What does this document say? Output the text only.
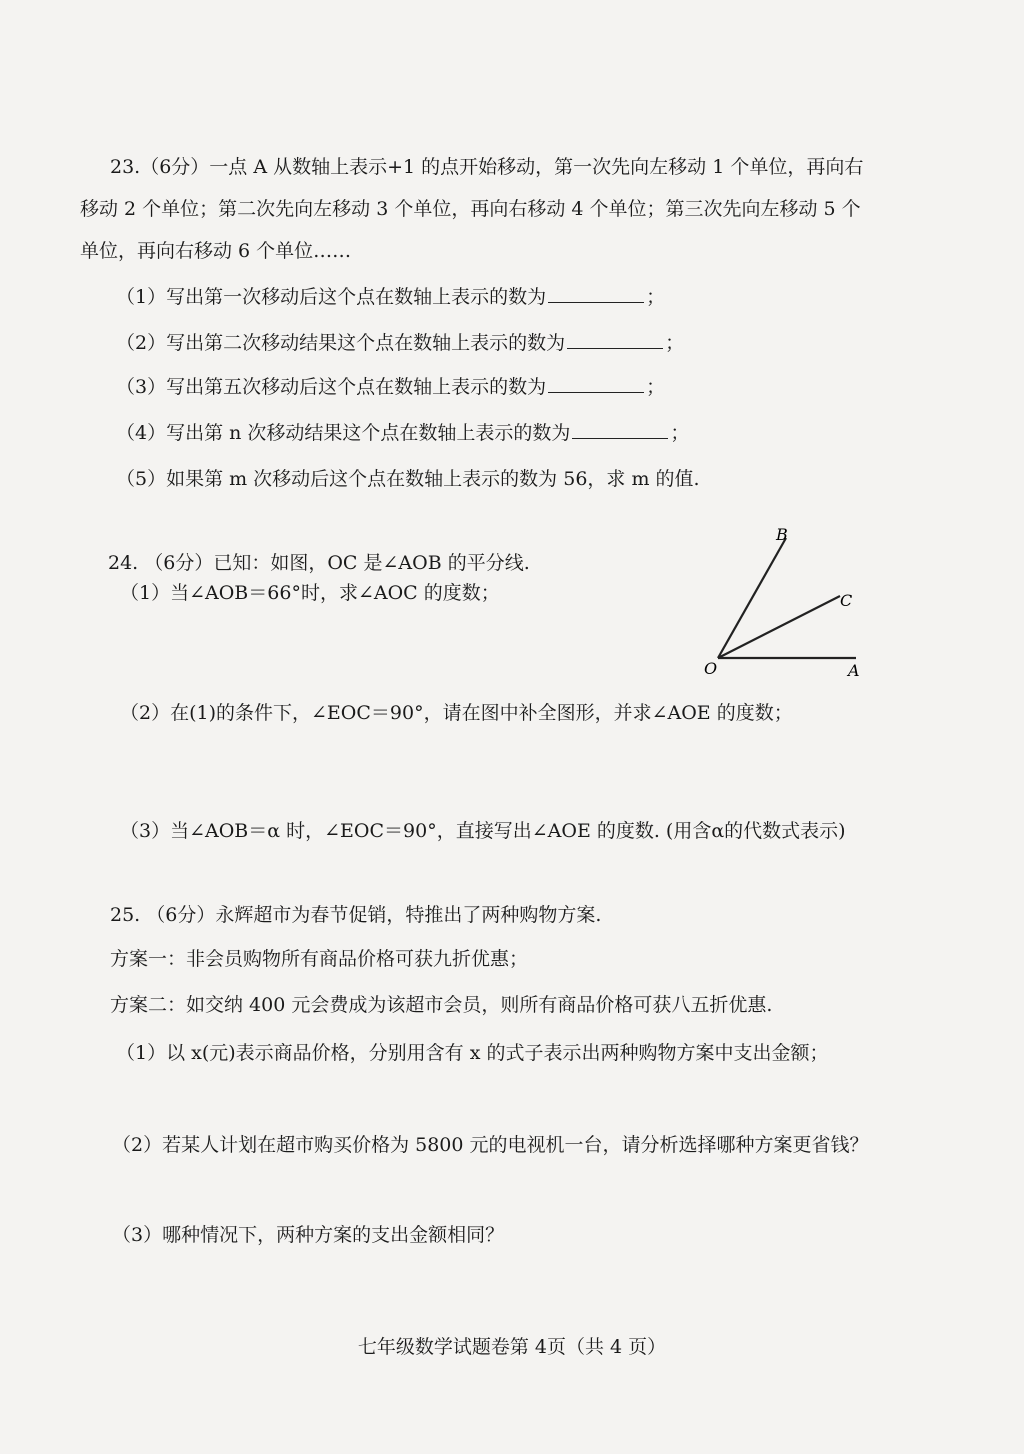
23.（6分）一点 A 从数轴上表示+1 的点开始移动，第一次先向左移动 1 个单位，再向右
移动 2 个单位；第二次先向左移动 3 个单位，再向右移动 4 个单位；第三次先向左移动 5 个
单位，再向右移动 6 个单位……
（1）写出第一次移动后这个点在数轴上表示的数为	；
（2）写出第二次移动结果这个点在数轴上表示的数为	；
（3）写出第五次移动后这个点在数轴上表示的数为	；
（4）写出第 n 次移动结果这个点在数轴上表示的数为	；
（5）如果第 m 次移动后这个点在数轴上表示的数为 56，求 m 的值.
24. （6分）已知：如图，OC 是∠AOB 的平分线.
（1）当∠AOB＝66°时，求∠AOC 的度数；
B
C
O	A
（2）在(1)的条件下，∠EOC＝90°，请在图中补全图形，并求∠AOE 的度数；
（3）当∠AOB＝α 时，∠EOC＝90°，直接写出∠AOE 的度数. (用含α的代数式表示)
25. （6分）永辉超市为春节促销，特推出了两种购物方案.
方案一：非会员购物所有商品价格可获九折优惠；
方案二：如交纳 400 元会费成为该超市会员，则所有商品价格可获八五折优惠.
（1）以 x(元)表示商品价格，分别用含有 x 的式子表示出两种购物方案中支出金额；
（2）若某人计划在超市购买价格为 5800 元的电视机一台，请分析选择哪种方案更省钱？
（3）哪种情况下，两种方案的支出金额相同？
七年级数学试题卷第 4页（共 4 页）
